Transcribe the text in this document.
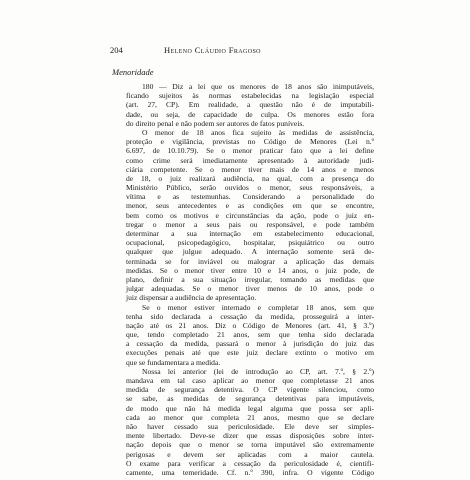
204	Heleno Cláudio Fragoso
Menoridade
180 — Diz a lei que os menores de 18 anos são inimputáveis,
ficando sujeitos às normas estabelecidas na legislação especial
(art. 27, CP). Em realidade, a questão não é de imputabili-
dade, ou seja, de capacidade de culpa. Os menores estão fora
do direito penal e não podem ser autores de fatos puníveis.
O menor de 18 anos fica sujeito às medidas de assistência,
proteção e vigilância, previstas no Código de Menores (Lei n.º
6.697, de 10.10.79). Se o menor praticar fato que a lei define
como crime será imediatamente apresentado à autoridade judi-
ciária competente. Se o menor tiver mais de 14 anos e menos
de 18, o juiz realizará audiência, na qual, com a presença do
Ministério Público, serão ouvidos o menor, seus responsáveis, a
vítima e as testemunhas. Considerando a personalidade do
menor, seus antecedentes e as condições em que se encontre,
bem como os motivos e circunstâncias da ação, pode o juiz en-
tregar o menor a seus pais ou responsável, e pode também
determinar a sua internação em estabelecimento educacional,
ocupacional, psicopedagógico, hospitalar, psiquiátrico ou outro
qualquer que julgue adequado. A internação somente será de-
terminada se for inviável ou malograr a aplicação das demais
medidas. Se o menor tiver entre 10 e 14 anos, o juiz pode, de
plano, definir a sua situação irregular, tomando as medidas que
julgar adequadas. Se o menor tiver menos de 10 anos, pode o
juiz dispensar a audiência de apresentação.
Se o menor estiver internado e completar 18 anos, sem que
tenha sido declarada a cessação da medida, prosseguirá a inter-
nação até os 21 anos. Diz o Código de Menores (art. 41, § 3.º)
que, tendo completado 21 anos, sem que tenha sido declarada
a cessação da medida, passará o menor à jurisdição do juiz das
execuções penais até que este juiz declare extinto o motivo em
que se fundamentara a medida.
Nossa lei anterior (lei de introdução ao CP, art. 7.º, § 2.º)
mandava em tal caso aplicar ao menor que completasse 21 anos
medida de segurança detentiva. O CP vigente silenciou, como
se sabe, as medidas de segurança detentivas para imputáveis,
de modo que não há medida legal alguma que possa ser apli-
cada ao menor que completa 21 anos, mesmo que se declare
não haver cessado sua periculosidade. Ele deve ser simples-
mente libertado. Deve-se dizer que essas disposições sobre inter-
nação depois que o menor se torna imputável são extremamente
perigosas e devem ser aplicadas com a maior cautela.
O exame para verificar a cessação da periculosidade é, cientifi-
camente, uma temeridade. Cf. n.º 390, infra. O vigente Código
